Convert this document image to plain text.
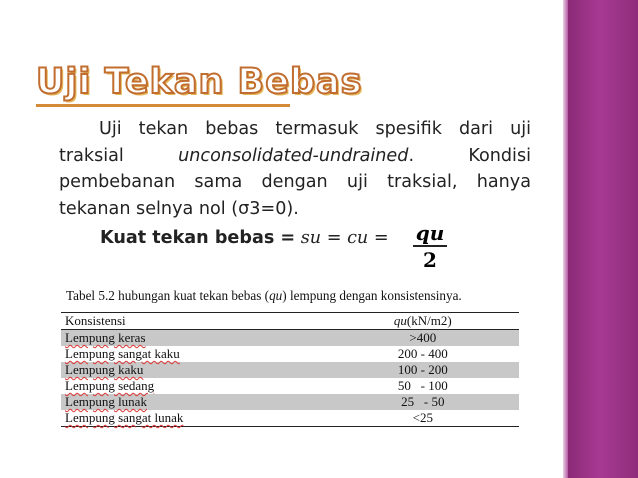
Uji Tekan Bebas
Uji tekan bebas termasuk spesifik dari uji traksial unconsolidated-undrained. Kondisi pembebanan sama dengan uji traksial, hanya tekanan selnya nol (σ3=0).
Kuat tekan bebas = su = cu = qu
2
Tabel 5.2 hubungan kuat tekan bebas (qu) lempung dengan konsistensinya.
Konsistensi	qu(kN/m2)
Lempung keras	>400
Lempung sangat kaku	200 - 400
Lempung kaku	100 - 200
Lempung sedang	50   - 100
Lempung lunak	25   - 50
Lempung sangat lunak	<25
